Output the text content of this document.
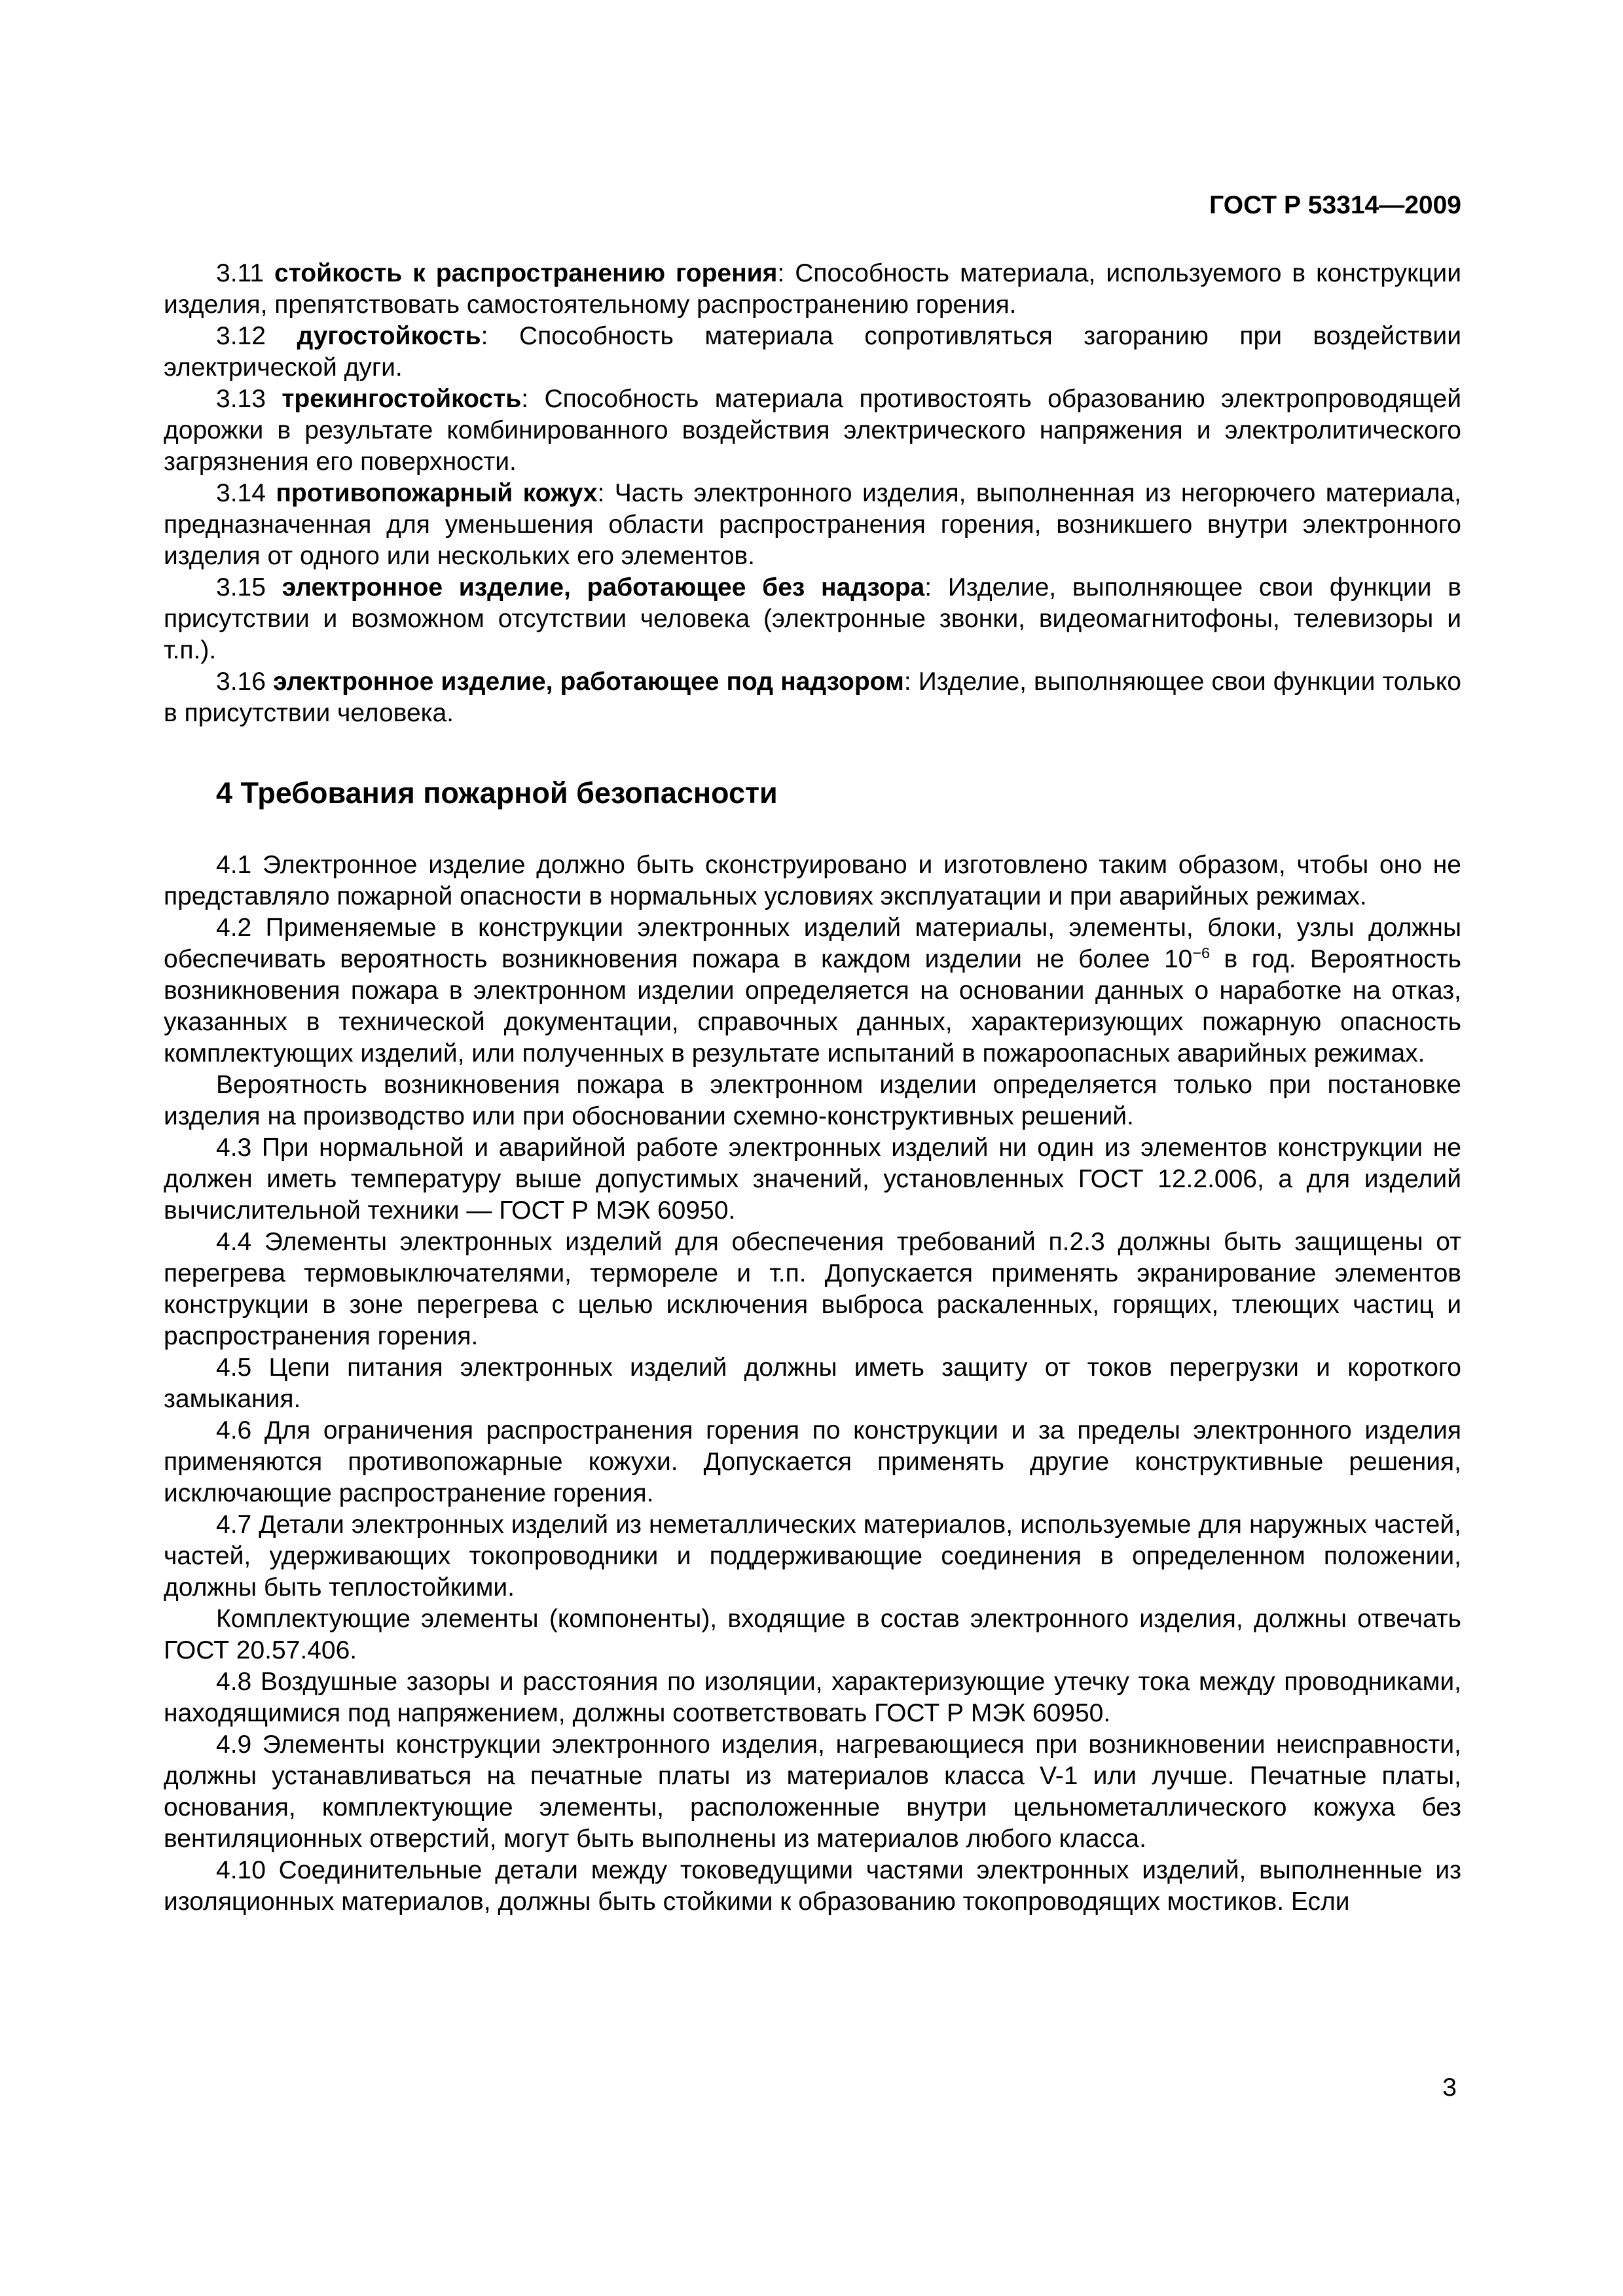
ГОСТ Р 53314—2009

3.11 стойкость к распространению горения: Способность материала, используемого в конструкции изделия, препятствовать самостоятельному распространению горения.

3.12 дугостойкость: Способность материала сопротивляться загоранию при воздействии электрической дуги.

3.13 трекингостойкость: Способность материала противостоять образованию электропроводящей дорожки в результате комбинированного воздействия электрического напряжения и электролитического загрязнения его поверхности.

3.14 противопожарный кожух: Часть электронного изделия, выполненная из негорючего материала, предназначенная для уменьшения области распространения горения, возникшего внутри электронного изделия от одного или нескольких его элементов.

3.15 электронное изделие, работающее без надзора: Изделие, выполняющее свои функции в присутствии и возможном отсутствии человека (электронные звонки, видеомагнитофоны, телевизоры и т.п.).

3.16 электронное изделие, работающее под надзором: Изделие, выполняющее свои функции только в присутствии человека.

4 Требования пожарной безопасности

4.1 Электронное изделие должно быть сконструировано и изготовлено таким образом, чтобы оно не представляло пожарной опасности в нормальных условиях эксплуатации и при аварийных режимах.

4.2 Применяемые в конструкции электронных изделий материалы, элементы, блоки, узлы должны обеспечивать вероятность возникновения пожара в каждом изделии не более $10^{-6}$ в год. Вероятность возникновения пожара в электронном изделии определяется на основании данных о наработке на отказ, указанных в технической документации, справочных данных, характеризующих пожарную опасность комплектующих изделий, или полученных в результате испытаний в пожароопасных аварийных режимах.

Вероятность возникновения пожара в электронном изделии определяется только при постановке изделия на производство или при обосновании схемно-конструктивных решений.

4.3 При нормальной и аварийной работе электронных изделий ни один из элементов конструкции не должен иметь температуру выше допустимых значений, установленных ГОСТ 12.2.006, а для изделий вычислительной техники — ГОСТ Р МЭК 60950.

4.4 Элементы электронных изделий для обеспечения требований п.2.3 должны быть защищены от перегрева термовыключателями, термореле и т.п. Допускается применять экранирование элементов конструкции в зоне перегрева с целью исключения выброса раскаленных, горящих, тлеющих частиц и распространения горения.

4.5 Цепи питания электронных изделий должны иметь защиту от токов перегрузки и короткого замыкания.

4.6 Для ограничения распространения горения по конструкции и за пределы электронного изделия применяются противопожарные кожухи. Допускается применять другие конструктивные решения, исключающие распространение горения.

4.7 Детали электронных изделий из неметаллических материалов, используемые для наружных частей, частей, удерживающих токопроводники и поддерживающие соединения в определенном положении, должны быть теплостойкими.

Комплектующие элементы (компоненты), входящие в состав электронного изделия, должны отвечать ГОСТ 20.57.406.

4.8 Воздушные зазоры и расстояния по изоляции, характеризующие утечку тока между проводниками, находящимися под напряжением, должны соответствовать ГОСТ Р МЭК 60950.

4.9 Элементы конструкции электронного изделия, нагревающиеся при возникновении неисправности, должны устанавливаться на печатные платы из материалов класса V-1 или лучше. Печатные платы, основания, комплектующие элементы, расположенные внутри цельнометаллического кожуха без вентиляционных отверстий, могут быть выполнены из материалов любого класса.

4.10 Соединительные детали между токоведущими частями электронных изделий, выполненные из изоляционных материалов, должны быть стойкими к образованию токопроводящих мостиков. Если

3
